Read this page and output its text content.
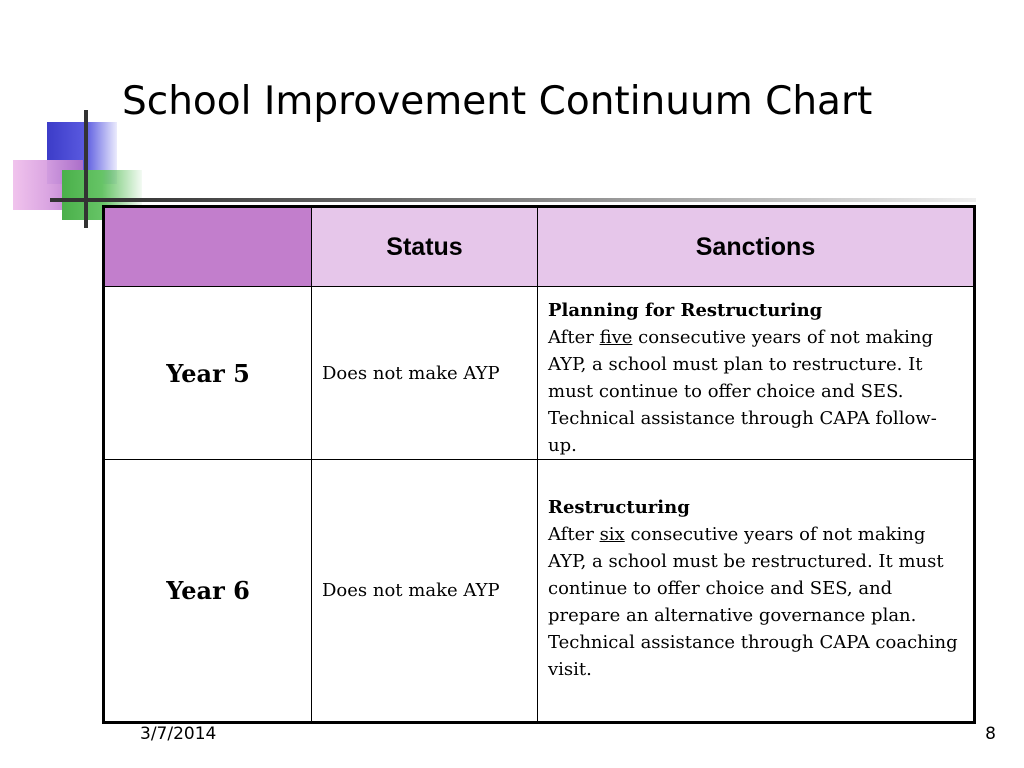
School Improvement Continuum Chart
	Status	Sanctions
Year 5	Does not make AYP	Planning for Restructuring
After five consecutive years of not making AYP, a school must plan to restructure. It must continue to offer choice and SES. Technical assistance through CAPA follow-up.
Year 6	Does not make AYP	Restructuring
After six consecutive years of not making AYP, a school must be restructured. It must continue to offer choice and SES, and prepare an alternative governance plan. Technical assistance through CAPA coaching visit.
3/7/2014	8
